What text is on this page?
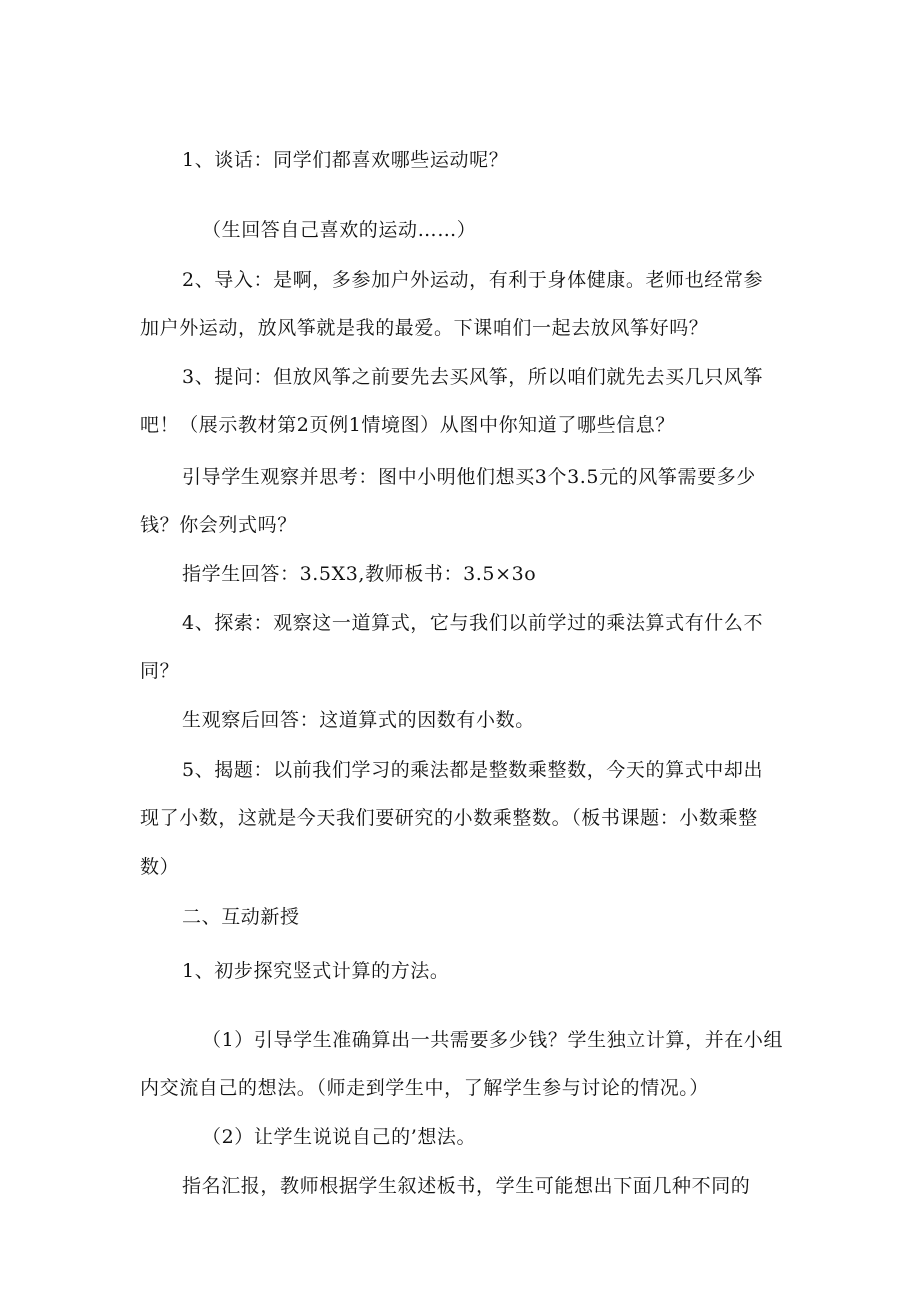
1、谈话：同学们都喜欢哪些运动呢？
（生回答自己喜欢的运动……）
2、导入：是啊，多参加户外运动，有利于身体健康。老师也经常参
加户外运动，放风筝就是我的最爱。下课咱们一起去放风筝好吗？
3、提问：但放风筝之前要先去买风筝，所以咱们就先去买几只风筝
吧！（展示教材第2页例1情境图）从图中你知道了哪些信息？
引导学生观察并思考：图中小明他们想买3个3.5元的风筝需要多少
钱？你会列式吗？
指学生回答：3.5X3,教师板书：3.5×3o
4、探索：观察这一道算式，它与我们以前学过的乘法算式有什么不
同？
生观察后回答：这道算式的因数有小数。
5、揭题：以前我们学习的乘法都是整数乘整数，今天的算式中却出
现了小数，这就是今天我们要研究的小数乘整数。（板书课题：小数乘整
数）
二、互动新授
1、初步探究竖式计算的方法。
（1）引导学生准确算出一共需要多少钱？学生独立计算，并在小组
内交流自己的想法。（师走到学生中，了解学生参与讨论的情况。）
（2）让学生说说自己的’想法。
指名汇报，教师根据学生叙述板书，学生可能想出下面几种不同的
